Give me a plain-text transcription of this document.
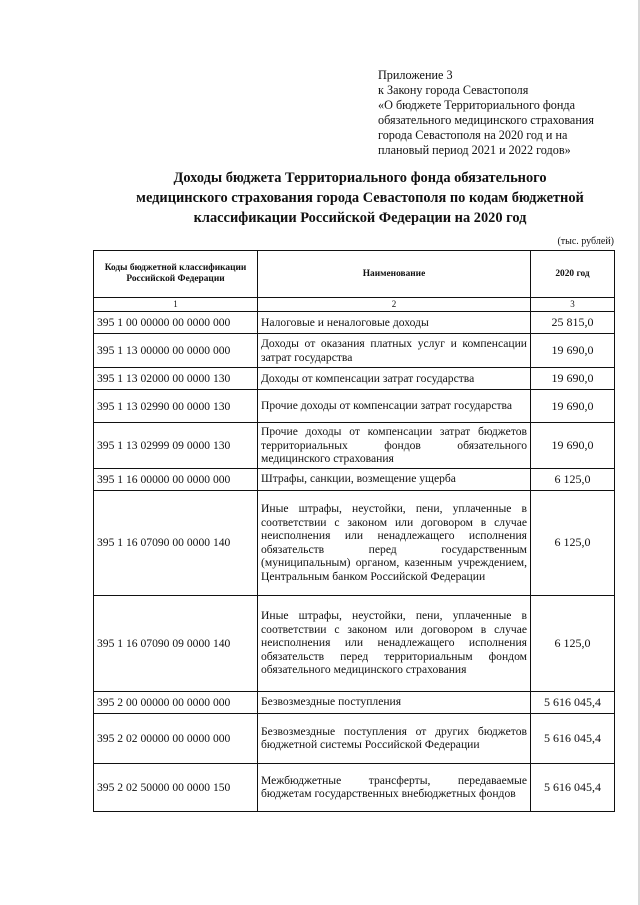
Приложение 3
к Закону города Севастополя
«О бюджете Территориального фонда
обязательного медицинского страхования
города Севастополя на 2020 год и на
плановый период 2021 и 2022 годов»
Доходы бюджета Территориального фонда обязательного
медицинского страхования города Севастополя по кодам бюджетной
классификации Российской Федерации на 2020 год
(тыс. рублей)
Коды бюджетной классификации Российской Федерации	Наименование	2020 год
1	2	3
395 1 00 00000 00 0000 000	Налоговые и неналоговые доходы	25 815,0
395 1 13 00000 00 0000 000	Доходы от оказания платных услуг и компенсации затрат государства	19 690,0
395 1 13 02000 00 0000 130	Доходы от компенсации затрат государства	19 690,0
395 1 13 02990 00 0000 130	Прочие доходы от компенсации затрат государства	19 690,0
395 1 13 02999 09 0000 130	Прочие доходы от компенсации затрат бюджетов территориальных фондов обязательного медицинского страхования	19 690,0
395 1 16 00000 00 0000 000	Штрафы, санкции, возмещение ущерба	6 125,0
395 1 16 07090 00 0000 140	Иные штрафы, неустойки, пени, уплаченные в соответствии с законом или договором в случае неисполнения или ненадлежащего исполнения обязательств перед государственным (муниципальным) органом, казенным учреждением, Центральным банком Российской Федерации	6 125,0
395 1 16 07090 09 0000 140	Иные штрафы, неустойки, пени, уплаченные в соответствии с законом или договором в случае неисполнения или ненадлежащего исполнения обязательств перед территориальным фондом обязательного медицинского страхования	6 125,0
395 2 00 00000 00 0000 000	Безвозмездные поступления	5 616 045,4
395 2 02 00000 00 0000 000	Безвозмездные поступления от других бюджетов бюджетной системы Российской Федерации	5 616 045,4
395 2 02 50000 00 0000 150	Межбюджетные трансферты, передаваемые бюджетам государственных внебюджетных фондов	5 616 045,4
